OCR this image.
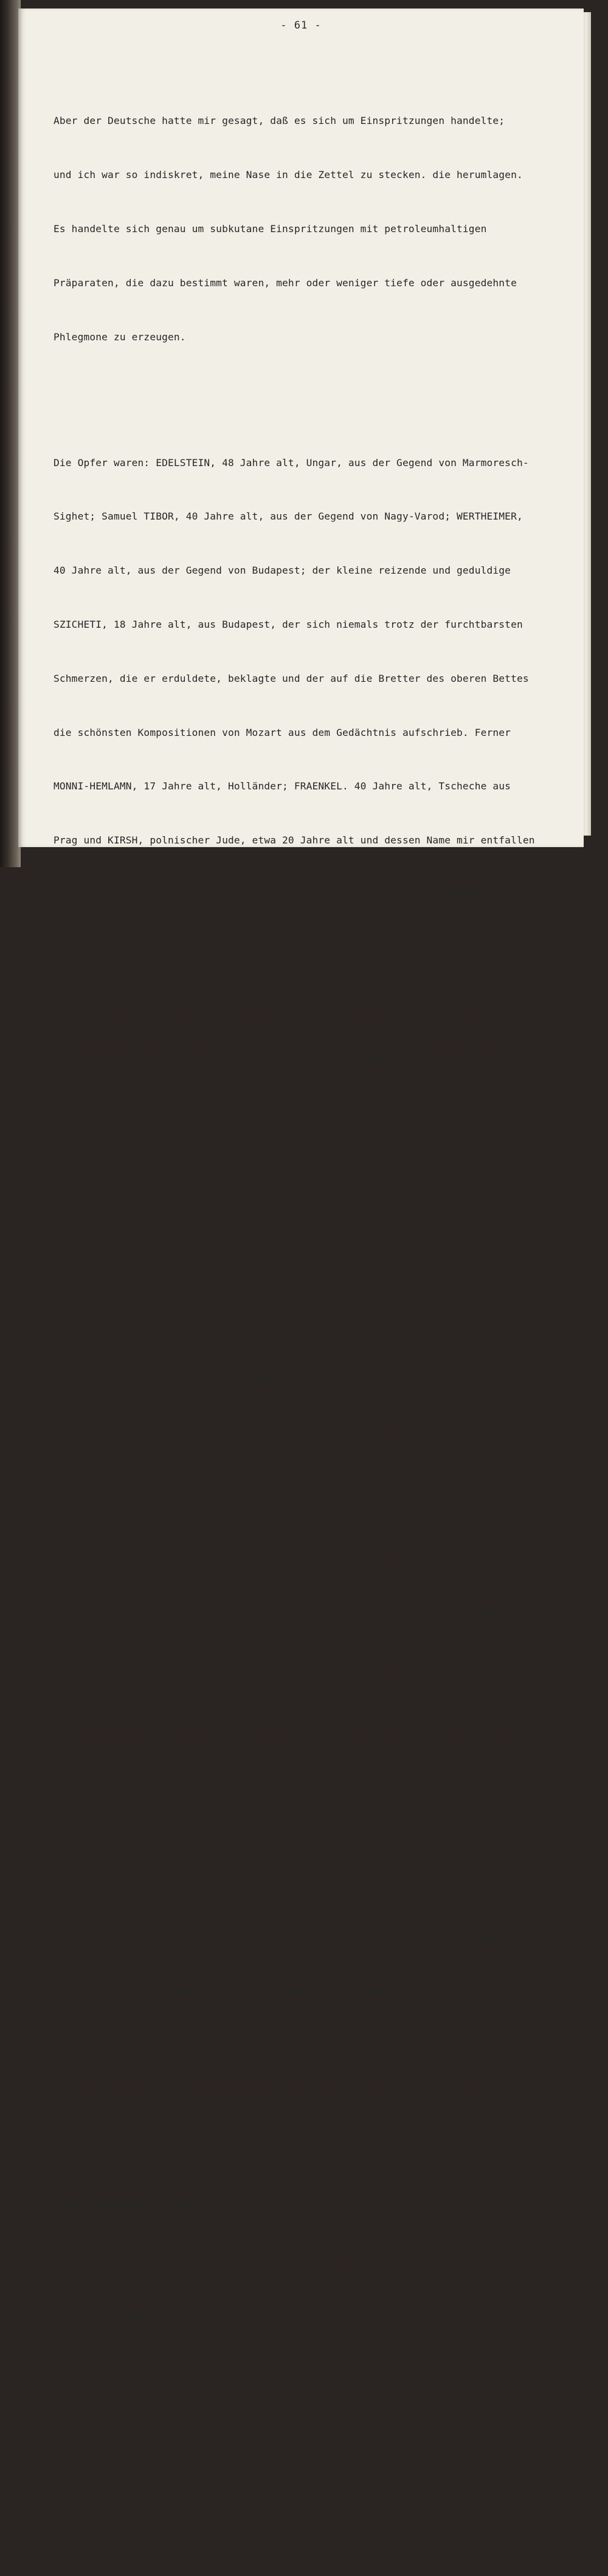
- 61 -

Aber der Deutsche hatte mir gesagt, daß es sich um Einspritzungen handelte;

und ich war so indiskret, meine Nase in die Zettel zu stecken. die herumlagen.

Es handelte sich genau um subkutane Einspritzungen mit petroleumhaltigen

Präparaten, die dazu bestimmt waren, mehr oder weniger tiefe oder ausgedehnte

Phlegmone zu erzeugen.

Die Opfer waren: EDELSTEIN, 48 Jahre alt, Ungar, aus der Gegend von Marmoresch-

Sighet; Samuel TIBOR, 40 Jahre alt, aus der Gegend von Nagy-Varod; WERTHEIMER,

40 Jahre alt, aus der Gegend von Budapest; der kleine reizende und geduldige

SZICHETI, 18 Jahre alt, aus Budapest, der sich niemals trotz der furchtbarsten

Schmerzen, die er erduldete, beklagte und der auf die Bretter des oberen Bettes

die schönsten Kompositionen von Mozart aus dem Gedächtnis aufschrieb. Ferner

MONNI-HEMLAMN, 17 Jahre alt, Holländer; FRAENKEL. 40 Jahre alt, Tscheche aus

Prag und KIRSH, polnischer Jude, etwa 20 Jahre alt und dessen Name mir entfallen

ist. Zuletzt zwei junge Norditaliener: SANINO, 19 Jahre alt, und SERMANETA,

18 Jahre alt. Alle wurden in die Waden injiziert außer FRAENKEL und dem pol-

nischen Juden, die die Einspritzungen in die Oberschenkel erhielten. Nach der

Einspritzung bekamen einige (EDELSTEIN, SANINO, SERMANETA) 48 Stunden lang

einen einzigen Verband mit Ichthyol 20%. Dann ließ man die Infektion wirken.

Das Aussehen war anfangs schmutzigrot und ging gegen Ende der Entwicklung ins

Violette mit schwarzen Rändern über. Bei einigen (SZICHSTIN z.B.) bedeckten

Blasen auch den injizierten Teil: die Flüssigkeit, die braun, trübe und schmutzig

abfloß, roch einwandfrei nach Petroleum. Die Leiden der Patienten waren schreck-

lich. Stechende Schmerzen durchdrangen die Glieder, in die die Einspritzungen

gemacht waren. Die Temperatur schwankte zwischen 39 und 40 Grad.

Wenn die Phlegmone reif geworden waren, wurden sie nach 8 bis 14 Tagen mit dem

Operationsmesser geöffnet. Die herausströmende Flüssigkeit hatte keineswegs das

gewöhnliche Aussehen von Eiter. Sie war schwärzlich und roch nach Petroleum.

Sie wurde im ganzen gesammelt in Gefäßen, die man versiegelt zur Untersuchung

nach Breslau sandte. Danach waren die "Patienten" nicht mehr interessant. Sie

wurden in den Saal II von Block 28 zur Genesung geschickt. Der Saal II war ein

"arischer" Saal; denn das Lager hatte auch seine Rassenunterschiede. Wenn sich

dort zu viele jüdische Opfer aufhielten, protestierten Dr. GAGA, Volksdeutscher

(Pole deutscher Abstammung), Chefarzt vom Block 28, gegen diese Mischung; und

die Kranken wurden auf die jüdischen Säle der Blocks 14 und 21 verteilt. Und

bei der "Selektion" im Oktober 1944 wurden vier im August operierte "Patienten",

deren Zustand aber noch ernst war, zum Vergasen fortgeschafft (SZICHETI, EDEL-

STEIN, WERTHEIMER, SANINO). Bei derselben Gelegenheit schickte man den 14-jähri-

gen Sohn von Samuel mit, der krank neben seinem Vater lag. Die Präparate des

Feldwebels KASCHUB waren "keineswegs gefährlich".

Die zweite Versuchsserie bestand aus Verbrennungen am Nacken mit essigsaurer

Tonerde (Bleiacetat) 80% und Salpeter. Die so entstandenen Verbrennungen waren
